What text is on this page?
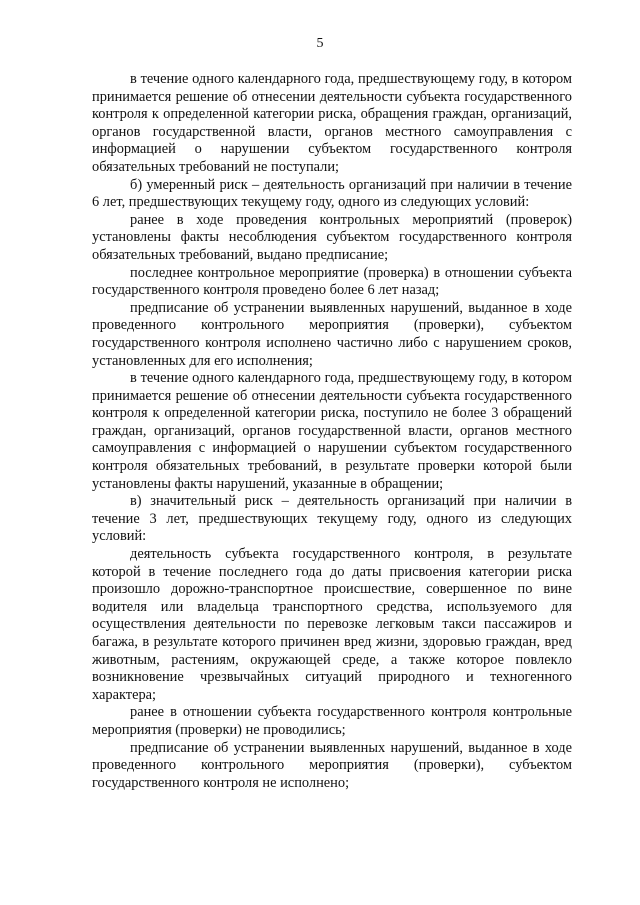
5

в течение одного календарного года, предшествующему году, в котором принимается решение об отнесении деятельности субъекта государственного контроля к определенной категории риска, обращения граждан, организаций, органов государственной власти, органов местного самоуправления с информацией о нарушении субъектом государственного контроля обязательных требований не поступали;

б) умеренный риск – деятельность организаций при наличии в течение 6 лет, предшествующих текущему году, одного из следующих условий:

ранее в ходе проведения контрольных мероприятий (проверок) установлены факты несоблюдения субъектом государственного контроля обязательных требований, выдано предписание;

последнее контрольное мероприятие (проверка) в отношении субъекта государственного контроля проведено более 6 лет назад;

предписание об устранении выявленных нарушений, выданное в ходе проведенного контрольного мероприятия (проверки), субъектом государственного контроля исполнено частично либо с нарушением сроков, установленных для его исполнения;

в течение одного календарного года, предшествующему году, в котором принимается решение об отнесении деятельности субъекта государственного контроля к определенной категории риска, поступило не более 3 обращений граждан, организаций, органов государственной власти, органов местного самоуправления с информацией о нарушении субъектом государственного контроля обязательных требований, в результате проверки которой были установлены факты нарушений, указанные в обращении;

в) значительный риск – деятельность организаций при наличии в течение 3 лет, предшествующих текущему году, одного из следующих условий:

деятельность субъекта государственного контроля, в результате которой в течение последнего года до даты присвоения категории риска произошло дорожно-транспортное происшествие, совершенное по вине водителя или владельца транспортного средства, используемого для осуществления деятельности по перевозке легковым такси пассажиров и багажа, в результате которого причинен вред жизни, здоровью граждан, вред животным, растениям, окружающей среде, а также которое повлекло возникновение чрезвычайных ситуаций природного и техногенного характера;

ранее в отношении субъекта государственного контроля контрольные мероприятия (проверки) не проводились;

предписание об устранении выявленных нарушений, выданное в ходе проведенного контрольного мероприятия (проверки), субъектом государственного контроля не исполнено;
